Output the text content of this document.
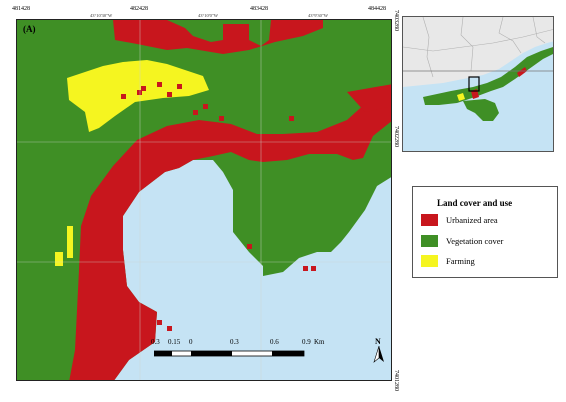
481428	482428	483428	484428
43°10'30"W	43°10'0"W	43°9'30"W	7403280
7402280
7401280
(A)
0.3 0.15 0	0.3	0.6	0.9 Km	N
Land cover and use
Urbanized area
Vegetation cover
Farming
